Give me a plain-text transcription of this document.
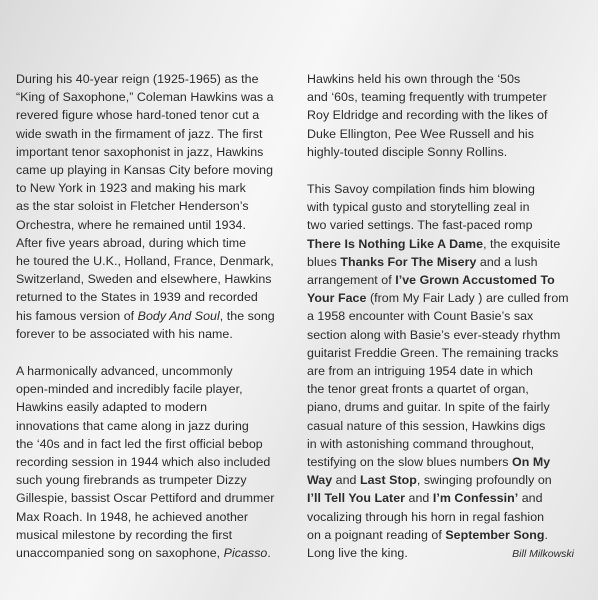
During his 40-year reign (1925-1965) as the
“King of Saxophone,” Coleman Hawkins was a
revered figure whose hard-toned tenor cut a
wide swath in the firmament of jazz. The first
important tenor saxophonist in jazz, Hawkins
came up playing in Kansas City before moving
to New York in 1923 and making his mark
as the star soloist in Fletcher Henderson’s
Orchestra, where he remained until 1934.
After five years abroad, during which time
he toured the U.K., Holland, France, Denmark,
Switzerland, Sweden and elsewhere, Hawkins
returned to the States in 1939 and recorded
his famous version of Body And Soul, the song
forever to be associated with his name.

A harmonically advanced, uncommonly
open-minded and incredibly facile player,
Hawkins easily adapted to modern
innovations that came along in jazz during
the ‘40s and in fact led the first official bebop
recording session in 1944 which also included
such young firebrands as trumpeter Dizzy
Gillespie, bassist Oscar Pettiford and drummer
Max Roach. In 1948, he achieved another
musical milestone by recording the first
unaccompanied song on saxophone, Picasso.

Hawkins held his own through the ‘50s
and ‘60s, teaming frequently with trumpeter
Roy Eldridge and recording with the likes of
Duke Ellington, Pee Wee Russell and his
highly-touted disciple Sonny Rollins.

This Savoy compilation finds him blowing
with typical gusto and storytelling zeal in
two varied settings. The fast-paced romp
There Is Nothing Like A Dame, the exquisite
blues Thanks For The Misery and a lush
arrangement of I’ve Grown Accustomed To
Your Face (from My Fair Lady ) are culled from
a 1958 encounter with Count Basie’s sax
section along with Basie’s ever-steady rhythm
guitarist Freddie Green. The remaining tracks
are from an intriguing 1954 date in which
the tenor great fronts a quartet of organ,
piano, drums and guitar. In spite of the fairly
casual nature of this session, Hawkins digs
in with astonishing command throughout,
testifying on the slow blues numbers On My
Way and Last Stop, swinging profoundly on
I’ll Tell You Later and I’m Confessin’ and
vocalizing through his horn in regal fashion
on a poignant reading of September Song.
Long live the king.	Bill Milkowski
